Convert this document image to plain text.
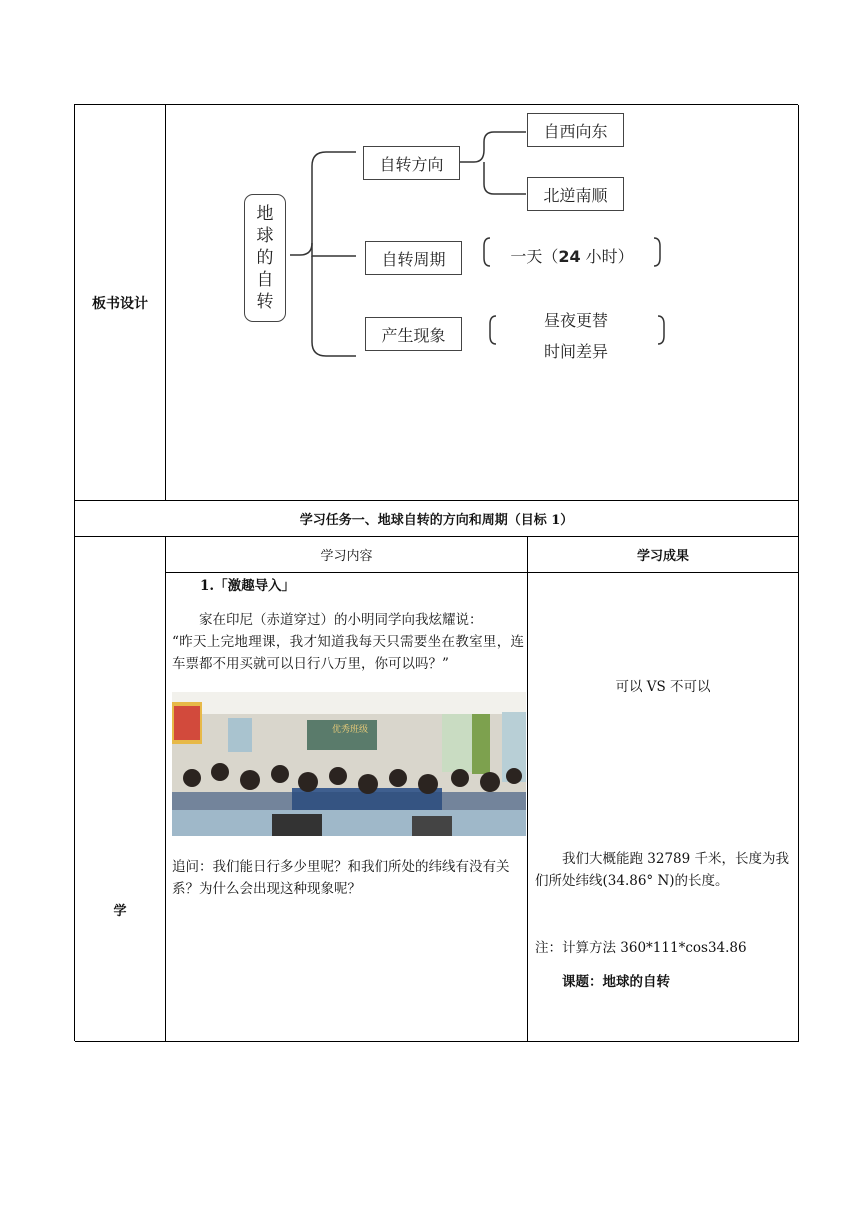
板书设计
学习任务一、地球自转的方向和周期（目标 1）
学
学习内容	学习成果
地
球
的
自
转
自转方向
自西向东
北逆南顺
自转周期	一天（24 小时）
产生现象
昼夜更替
时间差异
1.「激趣导入」
家在印尼（赤道穿过）的小明同学向我炫耀说：
“昨天上完地理课，我才知道我每天只需要坐在教室里，连车票都不用买就可以日行八万里，你可以吗？”
优秀班级
追问：我们能日行多少里呢？和我们所处的纬线有没有关系？为什么会出现这种现象呢？
可以 VS 不可以
我们大概能跑 32789 千米，长度为我们所处纬线(34.86° N)的长度。
注：计算方法 360*111*cos34.86
课题：地球的自转
